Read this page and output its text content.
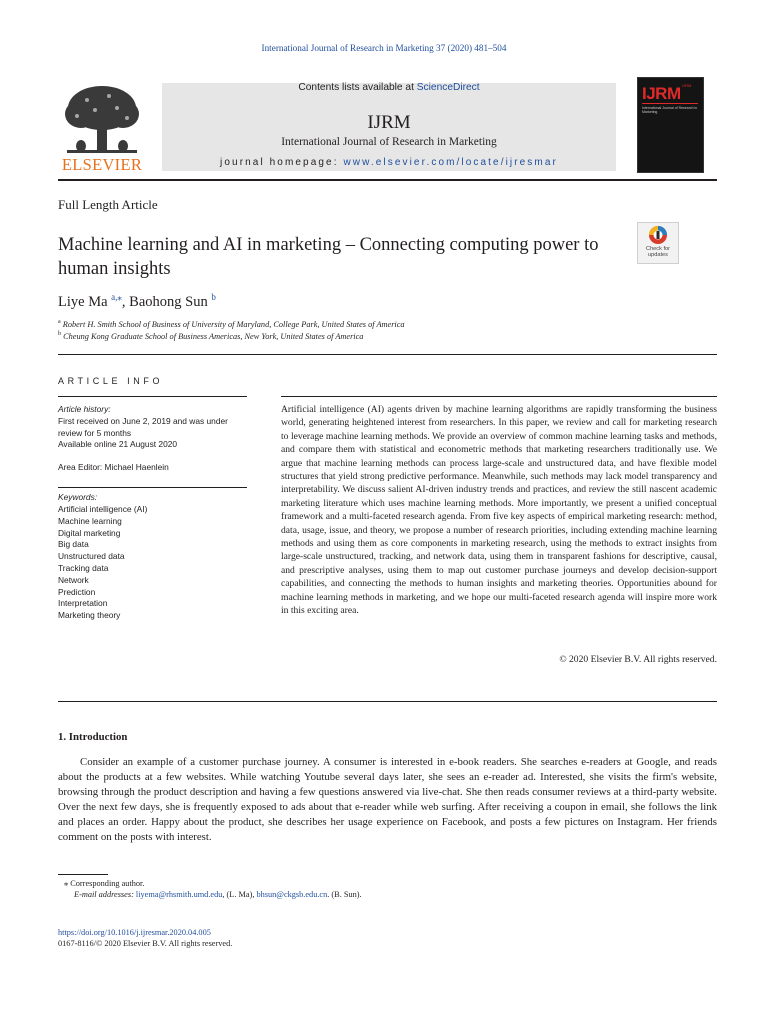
International Journal of Research in Marketing 37 (2020) 481–504
ELSEVIER
Contents lists available at ScienceDirect
IJRM
International Journal of Research in Marketing
journal homepage: www.elsevier.com/locate/ijresmar
IJRM IJRM
International Journal of Research in Marketing
Full Length Article
Machine learning and AI in marketing – Connecting computing power to human insights
Check for updates
Liye Ma $^{a,⁎}$, Baohong Sun $^b$
$^a$ Robert H. Smith School of Business of University of Maryland, College Park, United States of America
$^b$ Cheung Kong Graduate School of Business Americas, New York, United States of America
ARTICLE INFO
Article history:
First received on June 2, 2019 and was under review for 5 months
Available online 21 August 2020
Area Editor: Michael Haenlein
Keywords:
Artificial intelligence (AI)
Machine learning
Digital marketing
Big data
Unstructured data
Tracking data
Network
Prediction
Interpretation
Marketing theory
Artificial intelligence (AI) agents driven by machine learning algorithms are rapidly transforming the business world, generating heightened interest from researchers. In this paper, we review and call for marketing research to leverage machine learning methods. We provide an overview of common machine learning tasks and methods, and compare them with statistical and econometric methods that marketing researchers traditionally use. We argue that machine learning methods can process large-scale and unstructured data, and have flexible model structures that yield strong predictive performance. Meanwhile, such methods may lack model transparency and interpretability. We discuss salient AI-driven industry trends and practices, and review the still nascent academic marketing literature which uses machine learning methods. More importantly, we present a unified conceptual framework and a multi-faceted research agenda. From five key aspects of empirical marketing research: method, data, usage, issue, and theory, we propose a number of research priorities, including extending machine learning methods and using them as core components in marketing research, using the methods to extract insights from large-scale unstructured, tracking, and network data, using them in transparent fashions for descriptive, causal, and prescriptive analyses, using them to map out customer purchase journeys and develop decision-support capabilities, and connecting the methods to human insights and marketing theories. Opportunities abound for machine learning methods in marketing, and we hope our multi-faceted research agenda will inspire more work in this exciting area.
© 2020 Elsevier B.V. All rights reserved.
1. Introduction
Consider an example of a customer purchase journey. A consumer is interested in e-book readers. She searches e-readers at Google, and reads about the products at a few websites. While watching Youtube several days later, she sees an e-reader ad. Interested, she visits the firm's website, browsing through the product description and having a few questions answered via live-chat. She then reads consumer reviews at a third-party website. Over the next few days, she is frequently exposed to ads about that e-reader while web surfing. After receiving a coupon in email, she follows the link and places an order. Happy about the product, she describes her usage experience on Facebook, and posts a few pictures on Instagram. Her friends comment on the posts with interest.
⁎ Corresponding author.
E-mail addresses: liyema@rhsmith.umd.edu, (L. Ma), bhsun@ckgsb.edu.cn. (B. Sun).
https://doi.org/10.1016/j.ijresmar.2020.04.005
0167-8116/© 2020 Elsevier B.V. All rights reserved.
